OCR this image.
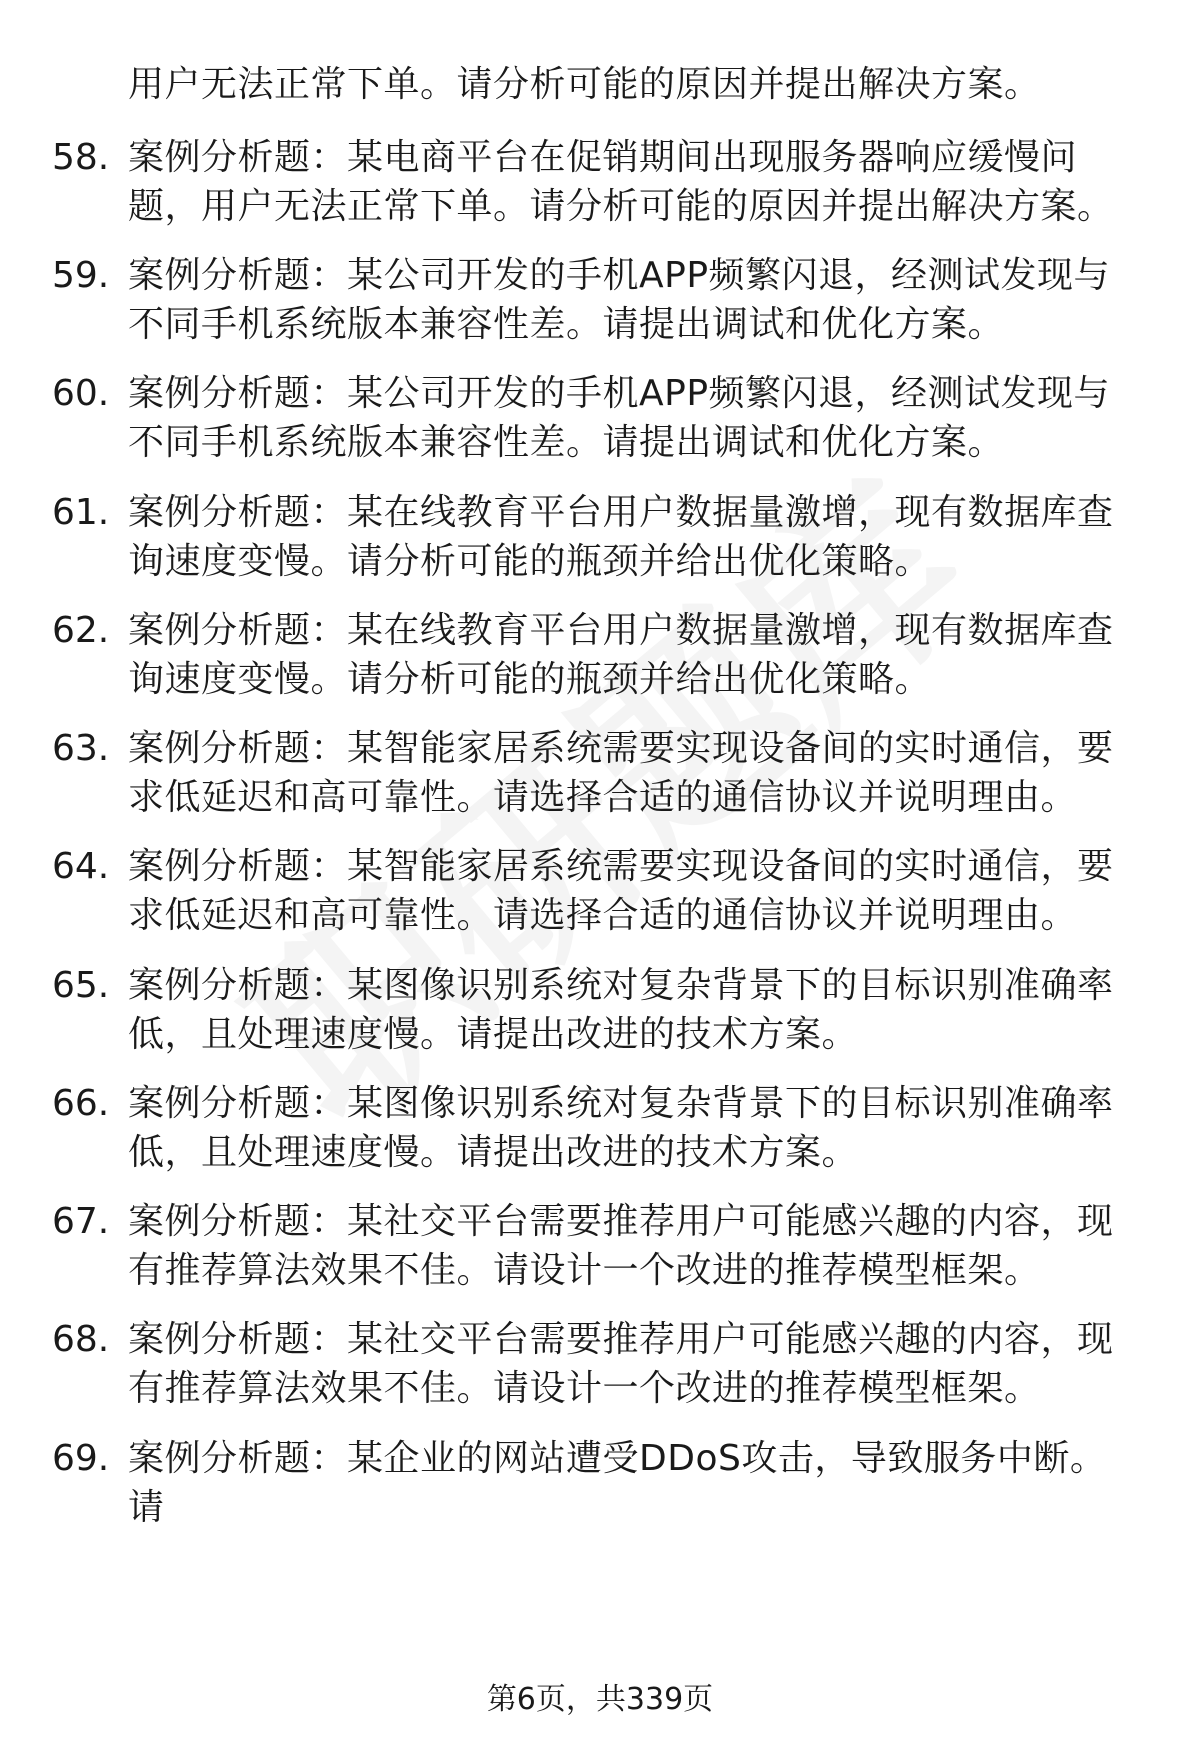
用户无法正常下单。请分析可能的原因并提出解决方案。
58. 案例分析题：某电商平台在促销期间出现服务器响应缓慢问题，用户无法正常下单。请分析可能的原因并提出解决方案。
59. 案例分析题：某公司开发的手机APP频繁闪退，经测试发现与不同手机系统版本兼容性差。请提出调试和优化方案。
60. 案例分析题：某公司开发的手机APP频繁闪退，经测试发现与不同手机系统版本兼容性差。请提出调试和优化方案。
61. 案例分析题：某在线教育平台用户数据量激增，现有数据库查询速度变慢。请分析可能的瓶颈并给出优化策略。
62. 案例分析题：某在线教育平台用户数据量激增，现有数据库查询速度变慢。请分析可能的瓶颈并给出优化策略。
63. 案例分析题：某智能家居系统需要实现设备间的实时通信，要求低延迟和高可靠性。请选择合适的通信协议并说明理由。
64. 案例分析题：某智能家居系统需要实现设备间的实时通信，要求低延迟和高可靠性。请选择合适的通信协议并说明理由。
65. 案例分析题：某图像识别系统对复杂背景下的目标识别准确率低，且处理速度慢。请提出改进的技术方案。
66. 案例分析题：某图像识别系统对复杂背景下的目标识别准确率低，且处理速度慢。请提出改进的技术方案。
67. 案例分析题：某社交平台需要推荐用户可能感兴趣的内容，现有推荐算法效果不佳。请设计一个改进的推荐模型框架。
68. 案例分析题：某社交平台需要推荐用户可能感兴趣的内容，现有推荐算法效果不佳。请设计一个改进的推荐模型框架。
69. 案例分析题：某企业的网站遭受DDoS攻击，导致服务中断。请
第6页，共339页
